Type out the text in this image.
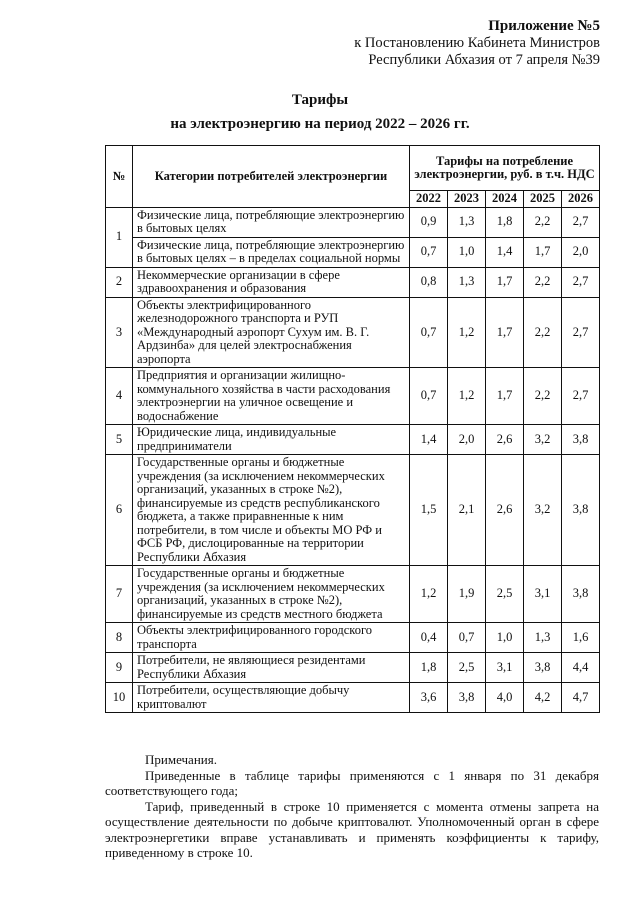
Приложение №5
к Постановлению Кабинета Министров
Республики Абхазия от 7 апреля №39
Тарифы
на электроэнергию на период 2022 – 2026 гг.
№	Категории потребителей электроэнергии	Тарифы на потребление электроэнергии, руб. в т.ч. НДС				
		2022	2023	2024	2025	2026
1	Физические лица, потребляющие электроэнергию в бытовых целях	0,9	1,3	1,8	2,2	2,7
	Физические лица, потребляющие электроэнергию в бытовых целях – в пределах социальной нормы	0,7	1,0	1,4	1,7	2,0
2	Некоммерческие организации в сфере здравоохранения и образования	0,8	1,3	1,7	2,2	2,7
3	Объекты электрифицированного железнодорожного транспорта и РУП «Международный аэропорт Сухум им. В. Г. Ардзинба» для целей электроснабжения аэропорта	0,7	1,2	1,7	2,2	2,7
4	Предприятия и организации жилищно-коммунального хозяйства в части расходования электроэнергии на уличное освещение и водоснабжение	0,7	1,2	1,7	2,2	2,7
5	Юридические лица, индивидуальные предприниматели	1,4	2,0	2,6	3,2	3,8
6	Государственные органы и бюджетные учреждения (за исключением некоммерческих организаций, указанных в строке №2), финансируемые из средств республиканского бюджета, а также приравненные к ним потребители, в том числе и объекты МО РФ и ФСБ РФ, дислоцированные на территории Республики Абхазия	1,5	2,1	2,6	3,2	3,8
7	Государственные органы и бюджетные учреждения (за исключением некоммерческих организаций, указанных в строке №2), финансируемые из средств местного бюджета	1,2	1,9	2,5	3,1	3,8
8	Объекты электрифицированного городского транспорта	0,4	0,7	1,0	1,3	1,6
9	Потребители, не являющиеся резидентами Республики Абхазия	1,8	2,5	3,1	3,8	4,4
10	Потребители, осуществляющие добычу криптовалют	3,6	3,8	4,0	4,2	4,7

Примечания.

Приведенные в таблице тарифы применяются с 1 января по 31 декабря соответствующего года;

Тариф, приведенный в строке 10 применяется с момента отмены запрета на осуществление деятельности по добыче криптовалют. Уполномоченный орган в сфере электроэнергетики вправе устанавливать и применять коэффициенты к тарифу, приведенному в строке 10.
